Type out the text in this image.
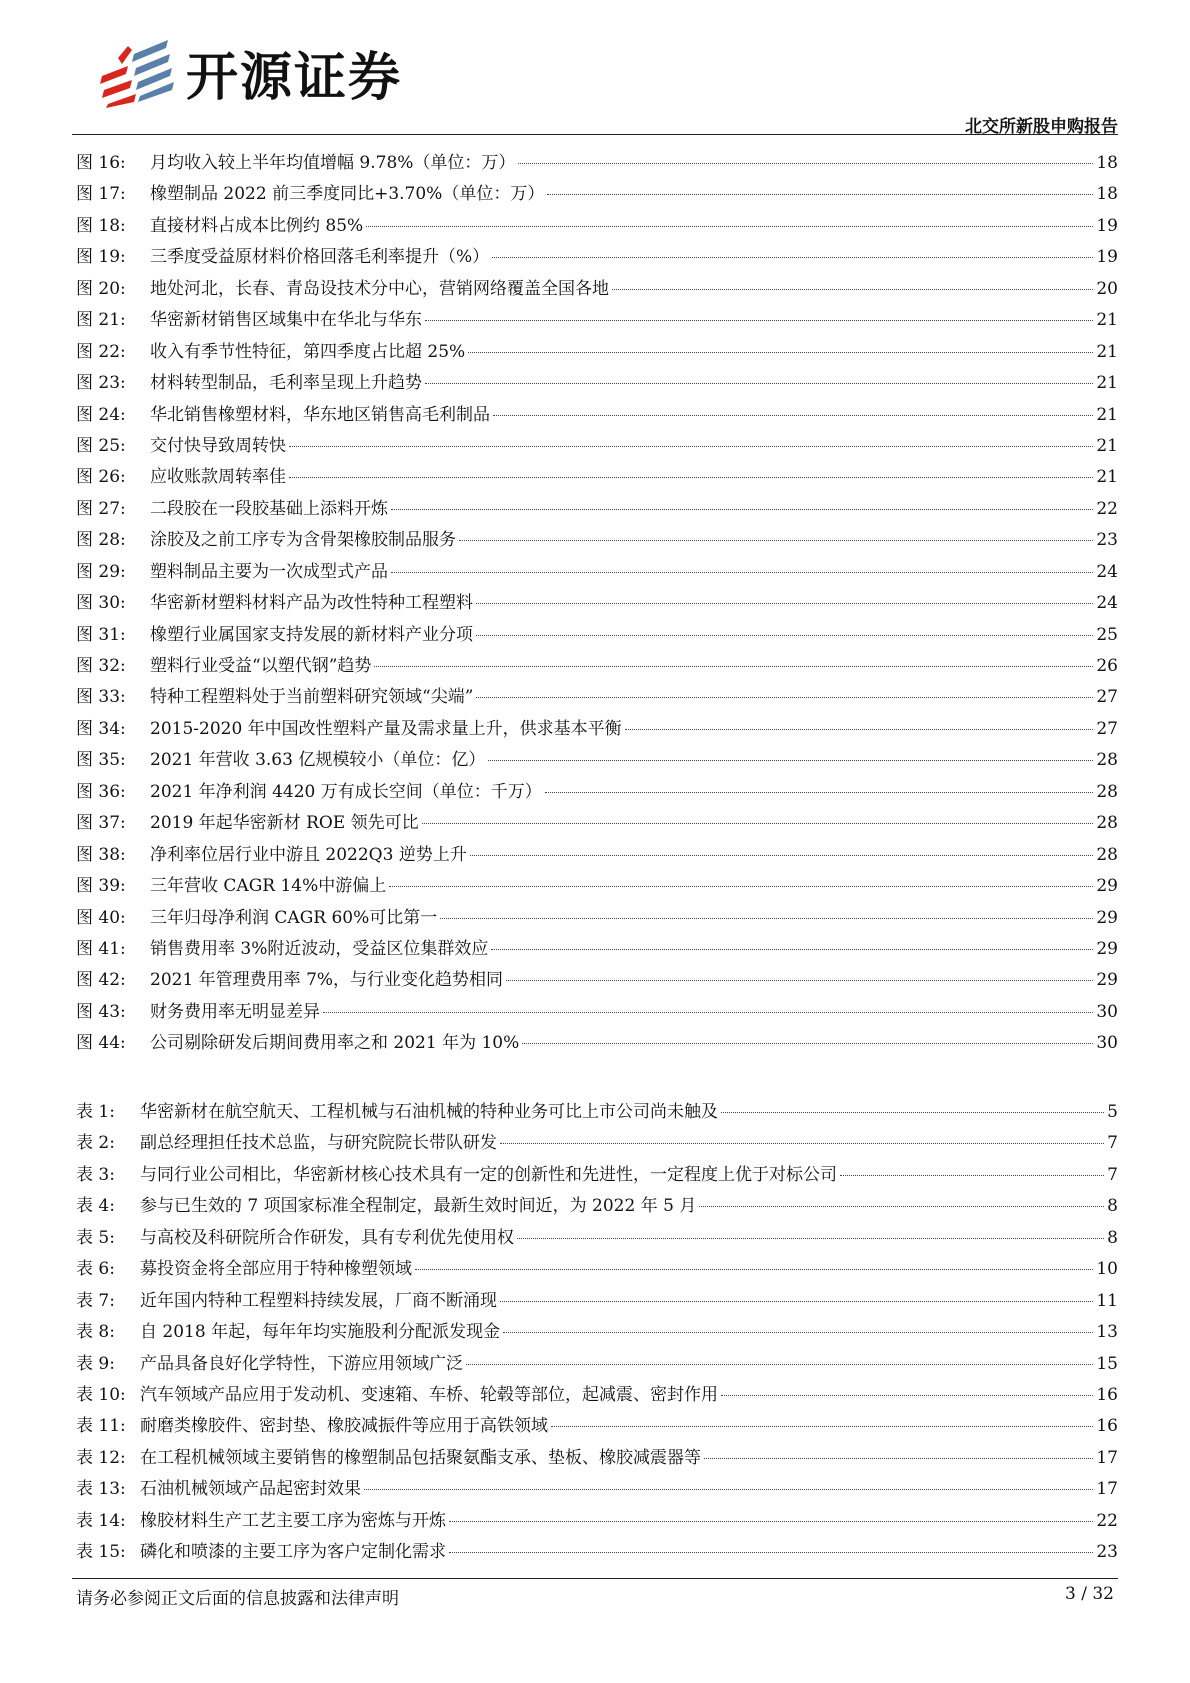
开源证券
北交所新股申购报告
图 16:	月均收入较上半年均值增幅 9.78%（单位：万）	18
图 17:	橡塑制品 2022 前三季度同比+3.70%（单位：万）	18
图 18:	直接材料占成本比例约 85%	19
图 19:	三季度受益原材料价格回落毛利率提升（%）	19
图 20:	地处河北，长春、青岛设技术分中心，营销网络覆盖全国各地	20
图 21:	华密新材销售区域集中在华北与华东	21
图 22:	收入有季节性特征，第四季度占比超 25%	21
图 23:	材料转型制品，毛利率呈现上升趋势	21
图 24:	华北销售橡塑材料，华东地区销售高毛利制品	21
图 25:	交付快导致周转快	21
图 26:	应收账款周转率佳	21
图 27:	二段胶在一段胶基础上添料开炼	22
图 28:	涂胶及之前工序专为含骨架橡胶制品服务	23
图 29:	塑料制品主要为一次成型式产品	24
图 30:	华密新材塑料材料产品为改性特种工程塑料	24
图 31:	橡塑行业属国家支持发展的新材料产业分项	25
图 32:	塑料行业受益“以塑代钢”趋势	26
图 33:	特种工程塑料处于当前塑料研究领域“尖端”	27
图 34:	2015-2020 年中国改性塑料产量及需求量上升，供求基本平衡	27
图 35:	2021 年营收 3.63 亿规模较小（单位：亿）	28
图 36:	2021 年净利润 4420 万有成长空间（单位：千万）	28
图 37:	2019 年起华密新材 ROE 领先可比	28
图 38:	净利率位居行业中游且 2022Q3 逆势上升	28
图 39:	三年营收 CAGR 14%中游偏上	29
图 40:	三年归母净利润 CAGR 60%可比第一	29
图 41:	销售费用率 3%附近波动，受益区位集群效应	29
图 42:	2021 年管理费用率 7%，与行业变化趋势相同	29
图 43:	财务费用率无明显差异	30
图 44:	公司剔除研发后期间费用率之和 2021 年为 10%	30
表 1:	华密新材在航空航天、工程机械与石油机械的特种业务可比上市公司尚未触及	5
表 2:	副总经理担任技术总监，与研究院院长带队研发	7
表 3:	与同行业公司相比，华密新材核心技术具有一定的创新性和先进性，一定程度上优于对标公司	7
表 4:	参与已生效的 7 项国家标准全程制定，最新生效时间近，为 2022 年 5 月	8
表 5:	与高校及科研院所合作研发，具有专利优先使用权	8
表 6:	募投资金将全部应用于特种橡塑领域	10
表 7:	近年国内特种工程塑料持续发展，厂商不断涌现	11
表 8:	自 2018 年起，每年年均实施股利分配派发现金	13
表 9:	产品具备良好化学特性，下游应用领域广泛	15
表 10: 汽车领域产品应用于发动机、变速箱、车桥、轮毂等部位，起减震、密封作用	16
表 11: 耐磨类橡胶件、密封垫、橡胶减振件等应用于高铁领域	16
表 12: 在工程机械领域主要销售的橡塑制品包括聚氨酯支承、垫板、橡胶减震器等	17
表 13: 石油机械领域产品起密封效果	17
表 14: 橡胶材料生产工艺主要工序为密炼与开炼	22
表 15: 磷化和喷漆的主要工序为客户定制化需求	23
请务必参阅正文后面的信息披露和法律声明	3 / 32
